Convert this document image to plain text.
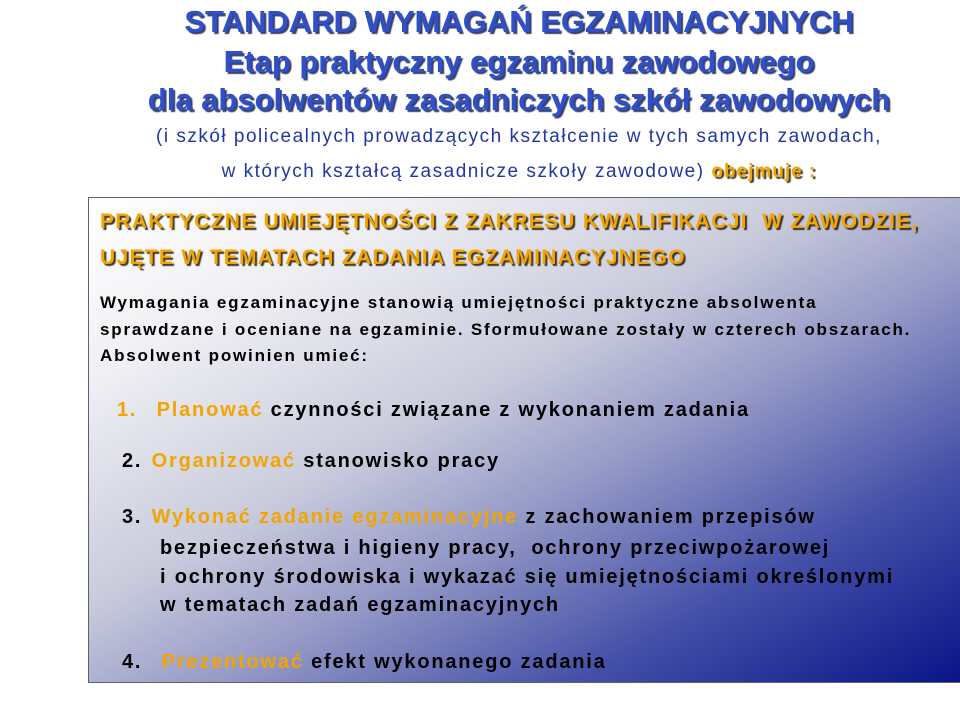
STANDARD WYMAGAŃ EGZAMINACYJNYCH
Etap praktyczny egzaminu zawodowego
dla absolwentów zasadniczych szkół zawodowych
(i szkół policealnych prowadzących kształcenie w tych samych zawodach,
w których kształcą zasadnicze szkoły zawodowe) obejmuje :
PRAKTYCZNE UMIEJĘTNOŚCI Z ZAKRESU KWALIFIKACJI  W ZAWODZIE,
UJĘTE W TEMATACH ZADANIA EGZAMINACYJNEGO
Wymagania egzaminacyjne stanowią umiejętności praktyczne absolwenta
sprawdzane i oceniane na egzaminie. Sformułowane zostały w czterech obszarach.
Absolwent powinien umieć:
1. Planować czynności związane z wykonaniem zadania
2. Organizować stanowisko pracy
3. Wykonać zadanie egzaminacyjne z zachowaniem przepisów
bezpieczeństwa i higieny pracy,  ochrony przeciwpożarowej
i ochrony środowiska i wykazać się umiejętnościami określonymi
w tematach zadań egzaminacyjnych
4. Prezentować efekt wykonanego zadania
